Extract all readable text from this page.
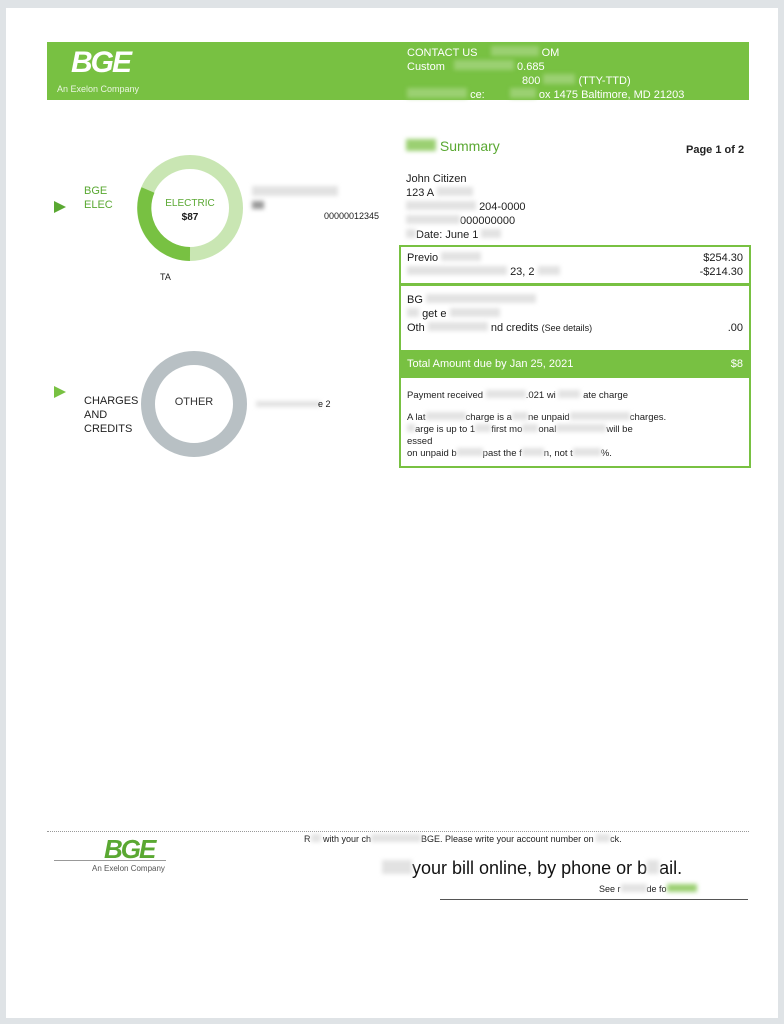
BGE
An Exelon Company
CONTACT US	OM
Custom	0.685
800	(TTY-TTD)
ce:	ox 1475 Baltimore, MD 21203
BGE
ELEC	ELECTRIC
$87	00000012345
TA
CHARGES
AND
CREDITS
OTHER	e 2
Summary	Page 1 of 2
John Citizen
123 A
204-0000
000000000
Date: June 1
Previo	$254.30
23, 2	-$214.30
BG
get e
Oth	nd credits (See details)	.00
Total Amount due by Jan 25, 2021	$8
Payment received	.021 wi	ate charge
A lat	charge is a ne unpaid	charges.
arge is up to 1 first mo onal	will be
essed
on unpaid b	past the f n, not t	%.
BGE
An Exelon Company
R with your ch	BGE. Please write your account number on ck.
your bill online, by phone or b ail.
See r	de fo
